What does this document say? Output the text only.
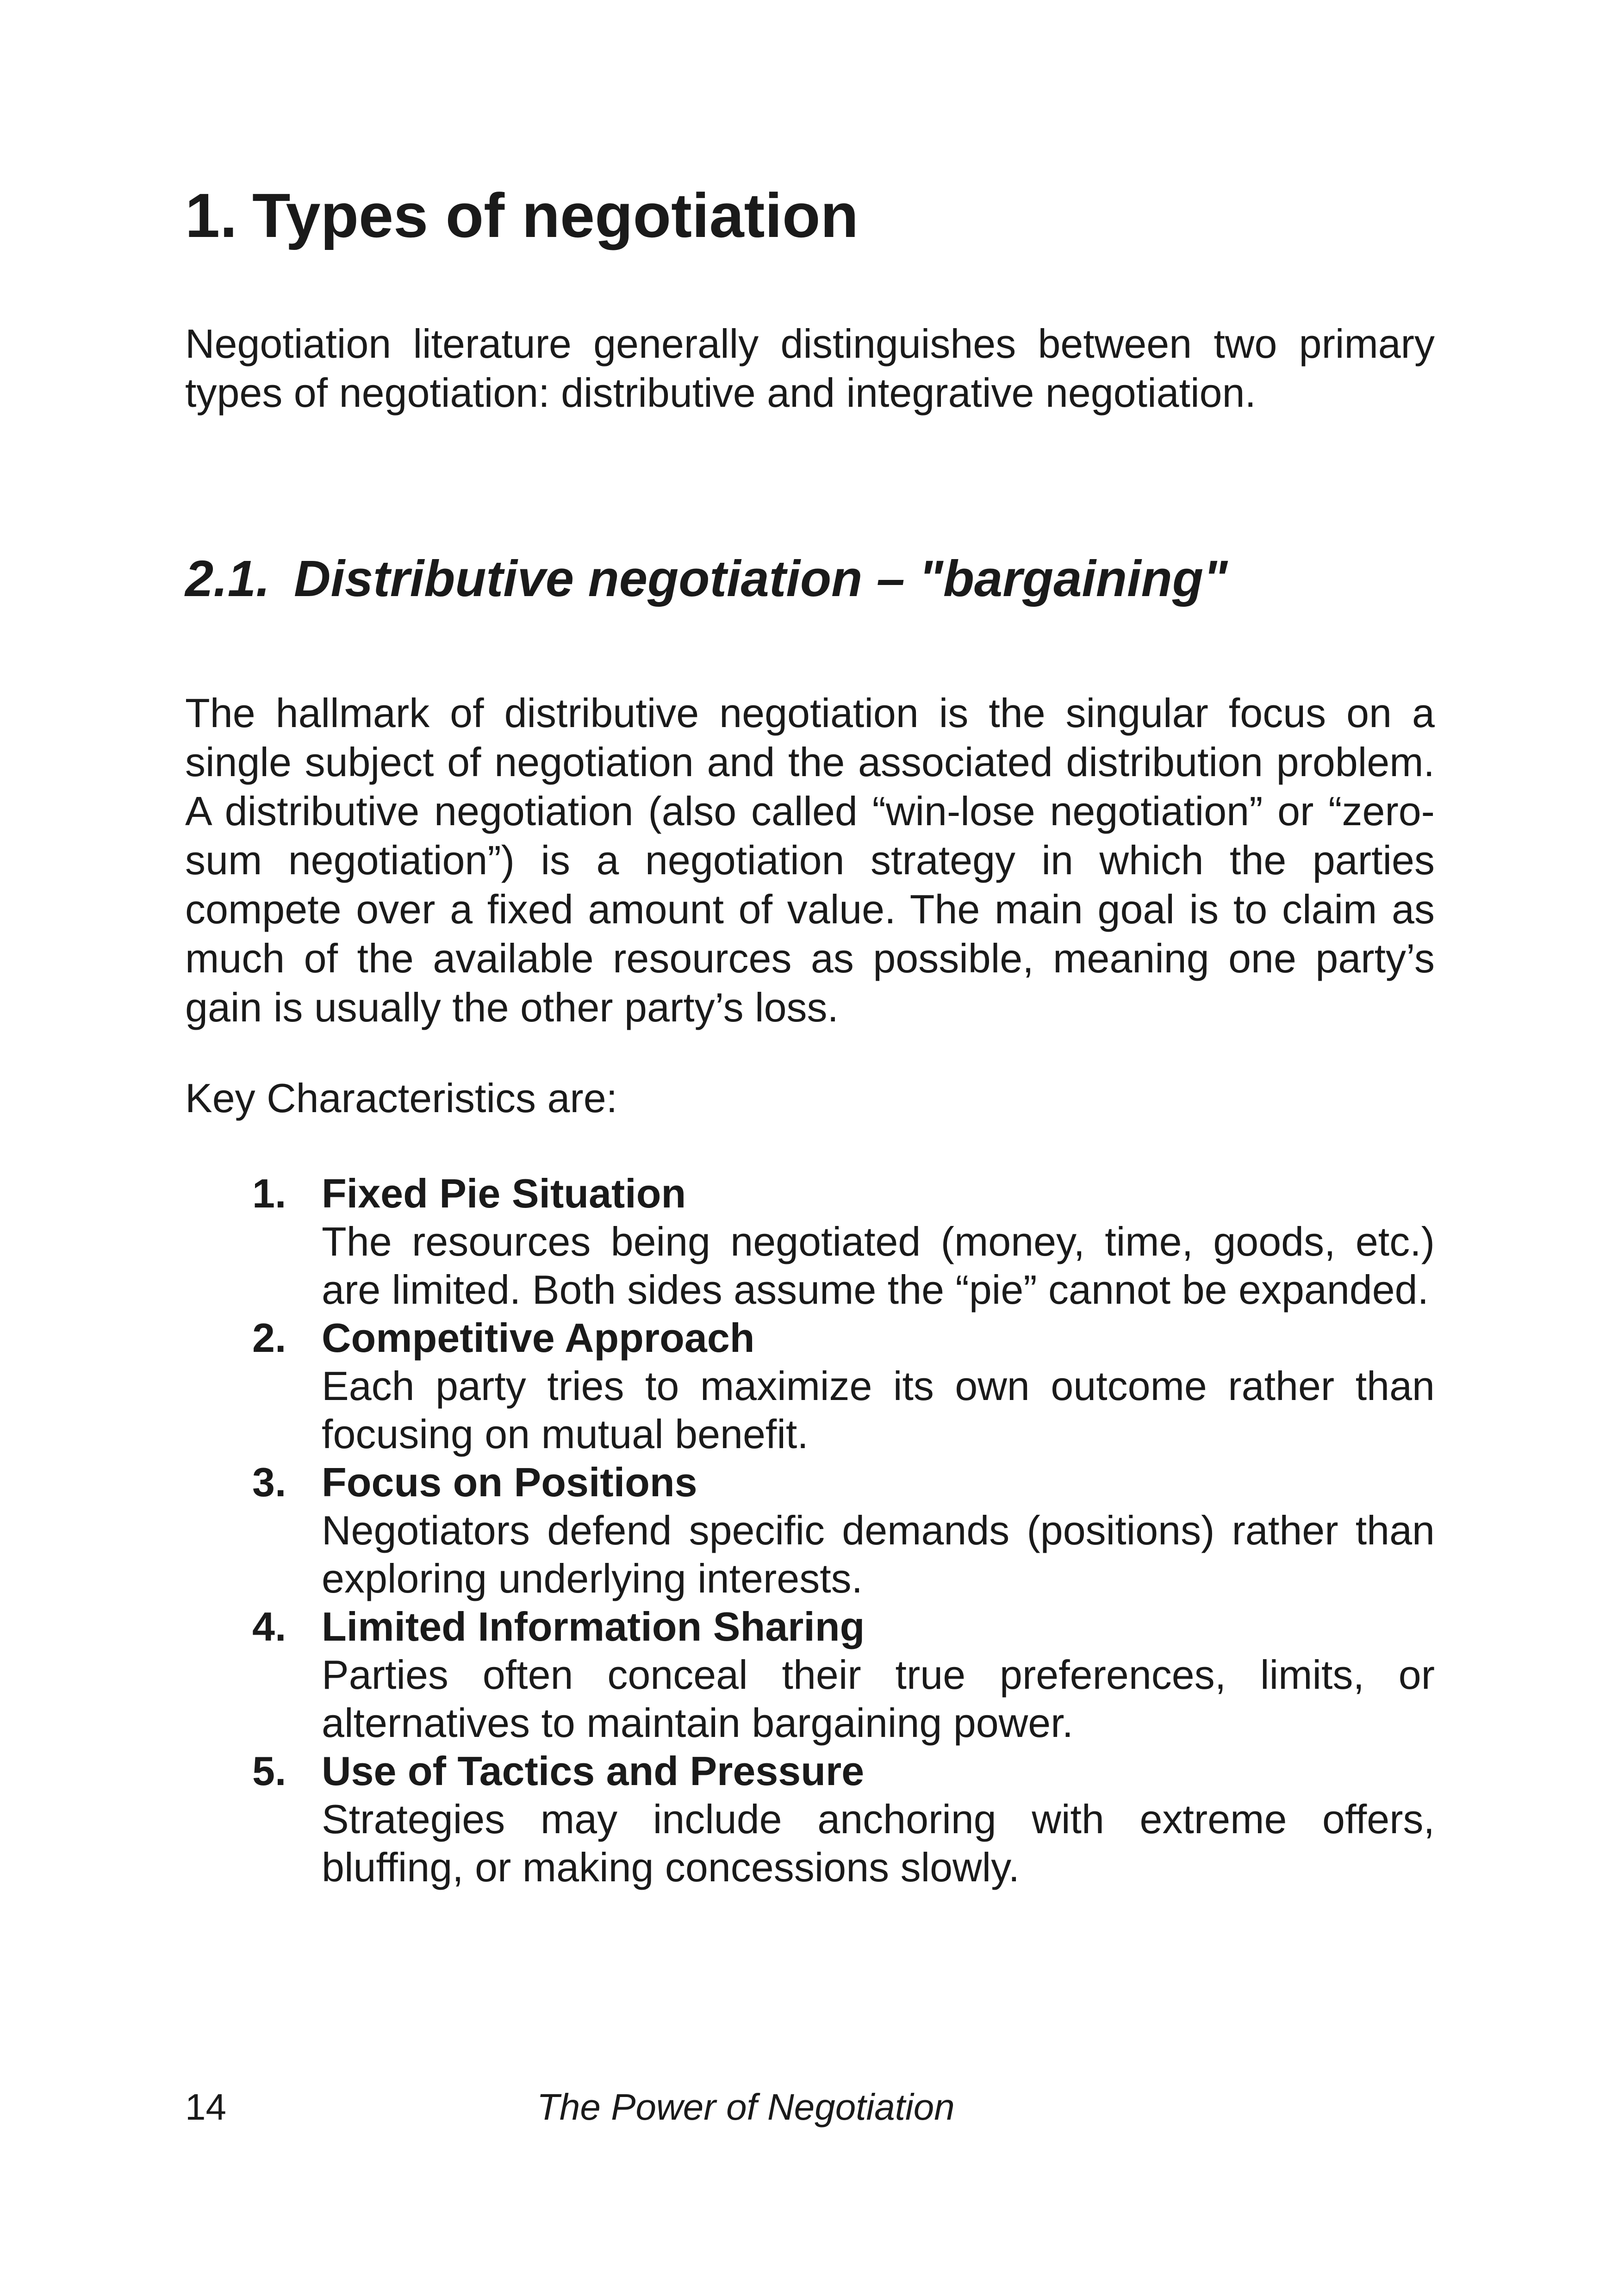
1. Types of negotiation

Negotiation literature generally distinguishes between two primary types of negotiation: distributive and integrative negotiation.

2.1. Distributive negotiation – "bargaining"

The hallmark of distributive negotiation is the singular focus on a single subject of negotiation and the associated distribution problem. A distributive negotiation (also called “win-lose negotiation” or “zero-sum negotiation”) is a negotiation strategy in which the parties compete over a fixed amount of value. The main goal is to claim as much of the available resources as possible, meaning one party’s gain is usually the other party’s loss.

Key Characteristics are:

1. Fixed Pie Situation
The resources being negotiated (money, time, goods, etc.) are limited. Both sides assume the “pie” cannot be expanded.
2. Competitive Approach
Each party tries to maximize its own outcome rather than focusing on mutual benefit.
3. Focus on Positions
Negotiators defend specific demands (positions) rather than exploring underlying interests.
4. Limited Information Sharing
Parties often conceal their true preferences, limits, or alternatives to maintain bargaining power.
5. Use of Tactics and Pressure
Strategies may include anchoring with extreme offers, bluffing, or making concessions slowly.
14	The Power of Negotiation
